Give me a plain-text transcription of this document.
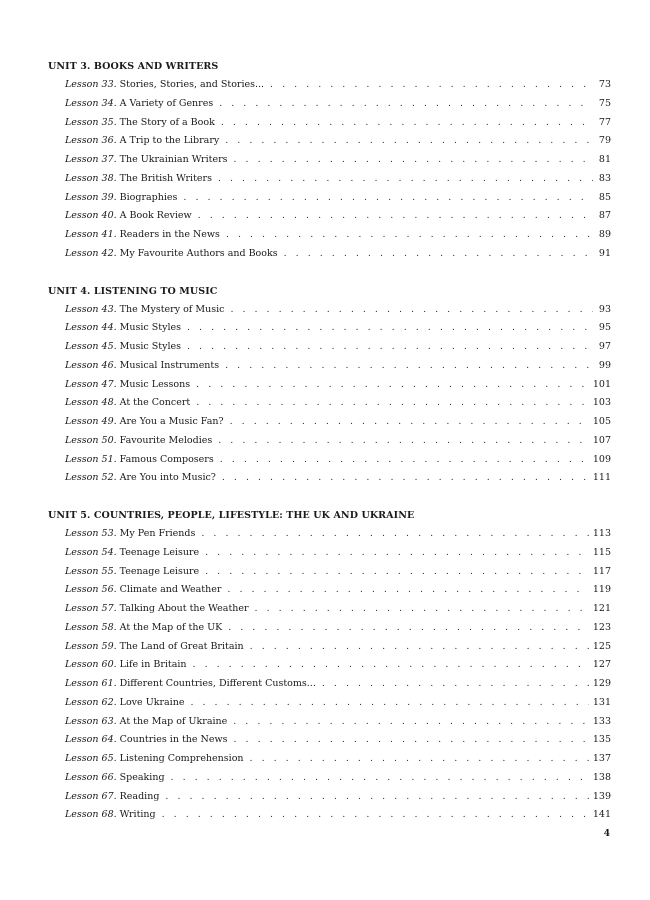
UNIT 3. BOOKS AND WRITERS
Lesson 33. Stories, Stories, and Stories... . . .	73
Lesson 34. A Variety of Genres . . .	75
Lesson 35. The Story of a Book . . .	77
Lesson 36. A Trip to the Library . . .	79
Lesson 37. The Ukrainian Writers . . .	81
Lesson 38. The British Writers . . .	83
Lesson 39. Biographies . . .	85
Lesson 40. A Book Review . . .	87
Lesson 41. Readers in the News . . .	89
Lesson 42. My Favourite Authors and Books . . .	91
UNIT 4. LISTENING TO MUSIC
Lesson 43. The Mystery of Music . . .	93
Lesson 44. Music Styles . . .	95
Lesson 45. Music Styles . . .	97
Lesson 46. Musical Instruments . . .	99
Lesson 47. Music Lessons . . .	101
Lesson 48. At the Concert . . .	103
Lesson 49. Are You a Music Fan? . . .	105
Lesson 50. Favourite Melodies . . .	107
Lesson 51. Famous Composers . . .	109
Lesson 52. Are You into Music? . . .	111
UNIT 5. COUNTRIES, PEOPLE, LIFESTYLE: THE UK AND UKRAINE
Lesson 53. My Pen Friends . . .	113
Lesson 54. Teenage Leisure . . .	115
Lesson 55. Teenage Leisure . . .	117
Lesson 56. Climate and Weather . . .	119
Lesson 57. Talking About the Weather . . .	121
Lesson 58. At the Map of the UK . . .	123
Lesson 59. The Land of Great Britain . . .	125
Lesson 60. Life in Britain . . .	127
Lesson 61. Different Countries, Different Customs... . . .	129
Lesson 62. Love Ukraine . . .	131
Lesson 63. At the Map of Ukraine . . .	133
Lesson 64. Countries in the News . . .	135
Lesson 65. Listening Comprehension . . .	137
Lesson 66. Speaking . . .	138
Lesson 67. Reading . . .	139
Lesson 68. Writing . . .	141
4
